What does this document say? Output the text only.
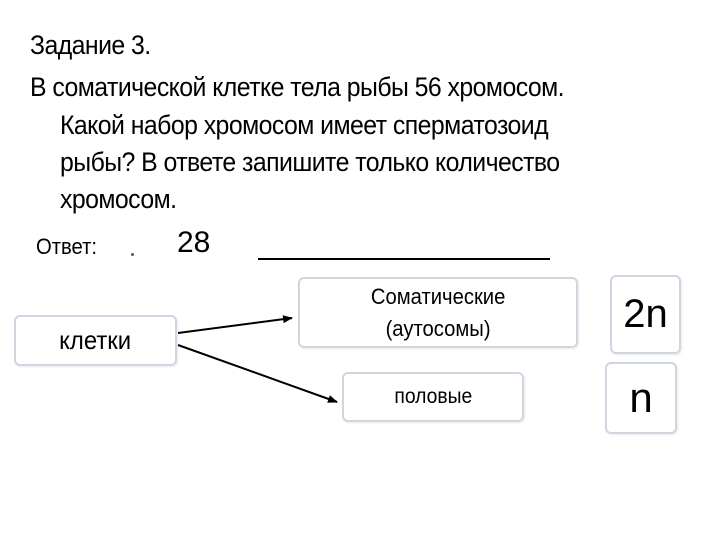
Задание 3.
В соматической клетке тела рыбы 56 хромосом.
Какой набор хромосом имеет сперматозоид
рыбы? В ответе запишите только количество
хромосом.
Ответ:	28
клетки
Соматические
(аутосомы)
половые
2n
n
